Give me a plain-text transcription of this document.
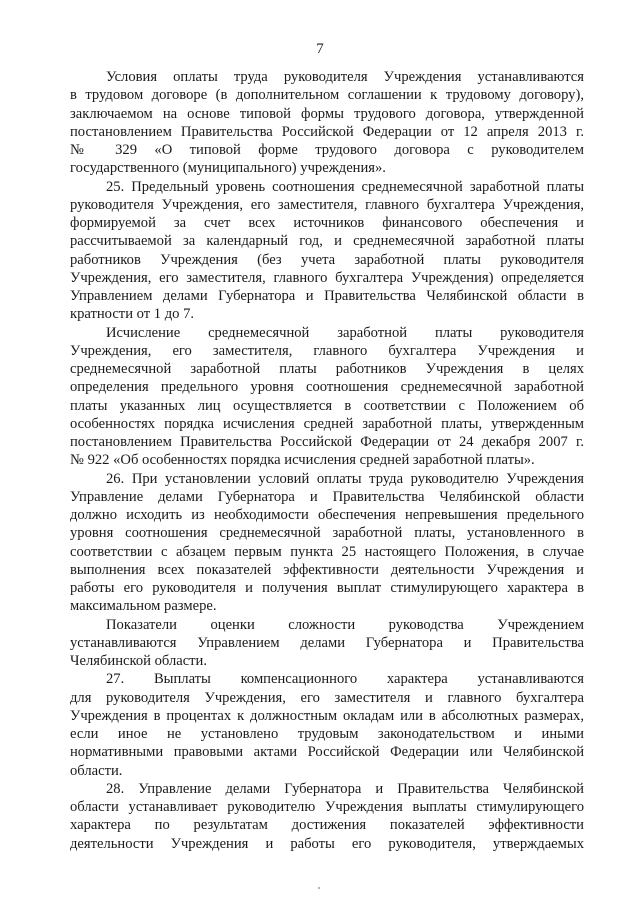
7
Условия оплаты труда руководителя Учреждения устанавливаются
в трудовом договоре (в дополнительном соглашении к трудовому договору),
заключаемом на основе типовой формы трудового договора, утвержденной
постановлением Правительства Российской Федерации от 12 апреля 2013 г.
№ 329 «О типовой форме трудового договора с руководителем
государственного (муниципального) учреждения».
25. Предельный уровень соотношения среднемесячной заработной платы
руководителя Учреждения, его заместителя, главного бухгалтера Учреждения,
формируемой за счет всех источников финансового обеспечения и
рассчитываемой за календарный год, и среднемесячной заработной платы
работников Учреждения (без учета заработной платы руководителя
Учреждения, его заместителя, главного бухгалтера Учреждения) определяется
Управлением делами Губернатора и Правительства Челябинской области в
кратности от 1 до 7.
Исчисление среднемесячной заработной платы руководителя
Учреждения, его заместителя, главного бухгалтера Учреждения и
среднемесячной заработной платы работников Учреждения в целях
определения предельного уровня соотношения среднемесячной заработной
платы указанных лиц осуществляется в соответствии с Положением об
особенностях порядка исчисления средней заработной платы, утвержденным
постановлением Правительства Российской Федерации от 24 декабря 2007 г.
№ 922 «Об особенностях порядка исчисления средней заработной платы».
26. При установлении условий оплаты труда руководителю Учреждения
Управление делами Губернатора и Правительства Челябинской области
должно исходить из необходимости обеспечения непревышения предельного
уровня соотношения среднемесячной заработной платы, установленного в
соответствии с абзацем первым пункта 25 настоящего Положения, в случае
выполнения всех показателей эффективности деятельности Учреждения и
работы его руководителя и получения выплат стимулирующего характера в
максимальном размере.
Показатели оценки сложности руководства Учреждением
устанавливаются Управлением делами Губернатора и Правительства
Челябинской области.
27. Выплаты компенсационного характера устанавливаются
для руководителя Учреждения, его заместителя и главного бухгалтера
Учреждения в процентах к должностным окладам или в абсолютных размерах,
если иное не установлено трудовым законодательством и иными
нормативными правовыми актами Российской Федерации или Челябинской
области.
28. Управление делами Губернатора и Правительства Челябинской
области устанавливает руководителю Учреждения выплаты стимулирующего
характера по результатам достижения показателей эффективности
деятельности Учреждения и работы его руководителя, утверждаемых
